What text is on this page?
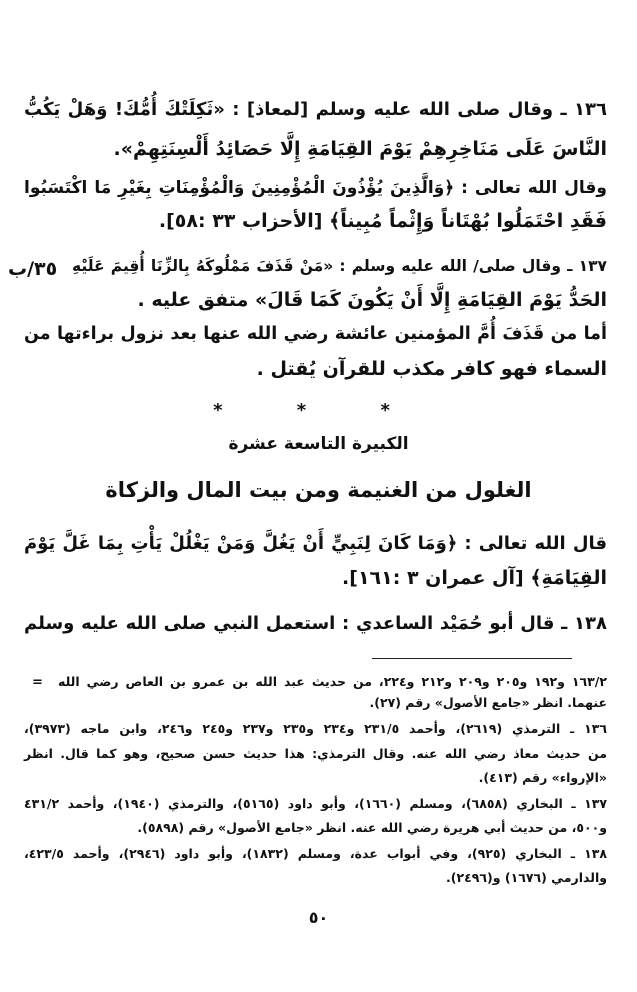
١٣٦ ـ وقال صلى الله عليه وسلم [لمعاذ] : «ثَكِلَتْكَ أُمُّكَ! وَهَلْ يَكُبُّ
النَّاسَ عَلَى مَنَاخِرِهِمْ يَوْمَ القِيَامَةِ إِلَّا حَصَائِدُ أَلْسِنَتِهِمْ».
وقال الله تعالى : ﴿وَالَّذِينَ يُؤْذُونَ الْمُؤْمِنِينَ وَالْمُؤْمِنَاتِ بِغَيْرِ مَا اكْتَسَبُوا
فَقَدِ احْتَمَلُوا بُهْتَاناً وَإِثْماً مُبِيناً﴾ [الأحزاب ٣٣ :٥٨].
١٣٧ ـ وقال صلى/ الله عليه وسلم : «مَنْ قَذَفَ مَمْلُوكَهُ بِالزِّنَا أُقِيمَ عَلَيْهِ
٣٥/ب
الحَدُّ يَوْمَ القِيَامَةِ إِلَّا أَنْ يَكُونَ كَمَا قَالَ» متفق عليه .
أما من قَذَفَ أُمَّ المؤمنين عائشة رضي الله عنها بعد نزول براءتها من
السماء فهو كافر مكذب للقرآن يُقتل .
* * *
الكبيرة التاسعة عشرة
الغلول من الغنيمة ومن بيت المال والزكاة
قال الله تعالى : ﴿وَمَا كَانَ لِنَبِيٍّ أَنْ يَغُلَّ وَمَنْ يَغْلُلْ يَأْتِ بِمَا غَلَّ يَوْمَ
القِيَامَةِ﴾ [آل عمران ٣ :١٦١].
١٣٨ ـ قال أبو حُمَيْد الساعدي : استعمل النبي صلى الله عليه وسلم
= ١٦٣/٢ و١٩٢ و٢٠٥ و٢٠٩ و٢١٢ و٢٢٤، من حديث عبد الله بن عمرو بن العاص رضي الله
عنهما. انظر «جامع الأصول» رقم (٢٧).
١٣٦ ـ الترمذي (٢٦١٩)، وأحمد ٢٣١/٥ و٢٣٤ و٢٣٥ و٢٣٧ و٢٤٥ و٢٤٦، وابن ماجه (٣٩٧٣)،
من حديث معاذ رضي الله عنه. وقال الترمذي: هذا حديث حسن صحيح، وهو كما قال. انظر
«الإرواء» رقم (٤١٣).
١٣٧ ـ البخاري (٦٨٥٨)، ومسلم (١٦٦٠)، وأبو داود (٥١٦٥)، والترمذي (١٩٤٠)، وأحمد ٤٣١/٢
و٥٠٠، من حديث أبي هريرة رضي الله عنه. انظر «جامع الأصول» رقم (٥٨٩٨).
١٣٨ ـ البخاري (٩٢٥)، وفي أبواب عدة، ومسلم (١٨٣٢)، وأبو داود (٢٩٤٦)، وأحمد ٤٢٣/٥،
والدارمي (١٦٧٦) و(٢٤٩٦).
٥٠
